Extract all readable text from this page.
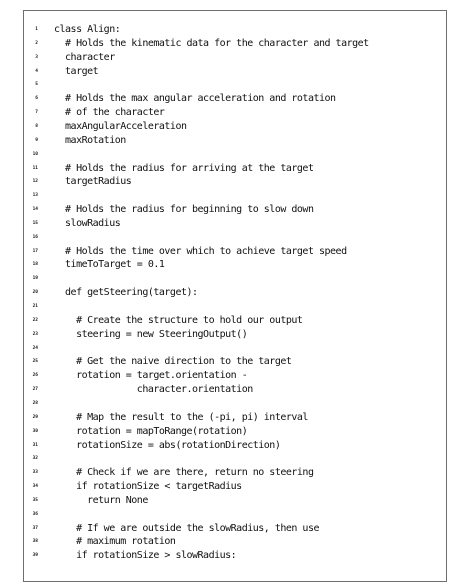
1
2
3
4
5
6
7
8
9
10
11
12
13
14
15
16
17
18
19
20
21
22
23
24
25
26
27
28
29
30
31
32
33
34
35
36
37
38
39
class Align:
# Holds the kinematic data for the character and target
character
target
# Holds the max angular acceleration and rotation
# of the character
maxAngularAcceleration
maxRotation
# Holds the radius for arriving at the target
targetRadius
# Holds the radius for beginning to slow down
slowRadius
# Holds the time over which to achieve target speed
timeToTarget = 0.1
def getSteering(target):
# Create the structure to hold our output
steering = new SteeringOutput()
# Get the naive direction to the target
rotation = target.orientation -
character.orientation
# Map the result to the (-pi, pi) interval
rotation = mapToRange(rotation)
rotationSize = abs(rotationDirection)
# Check if we are there, return no steering
if rotationSize < targetRadius
return None
# If we are outside the slowRadius, then use
# maximum rotation
if rotationSize > slowRadius:
